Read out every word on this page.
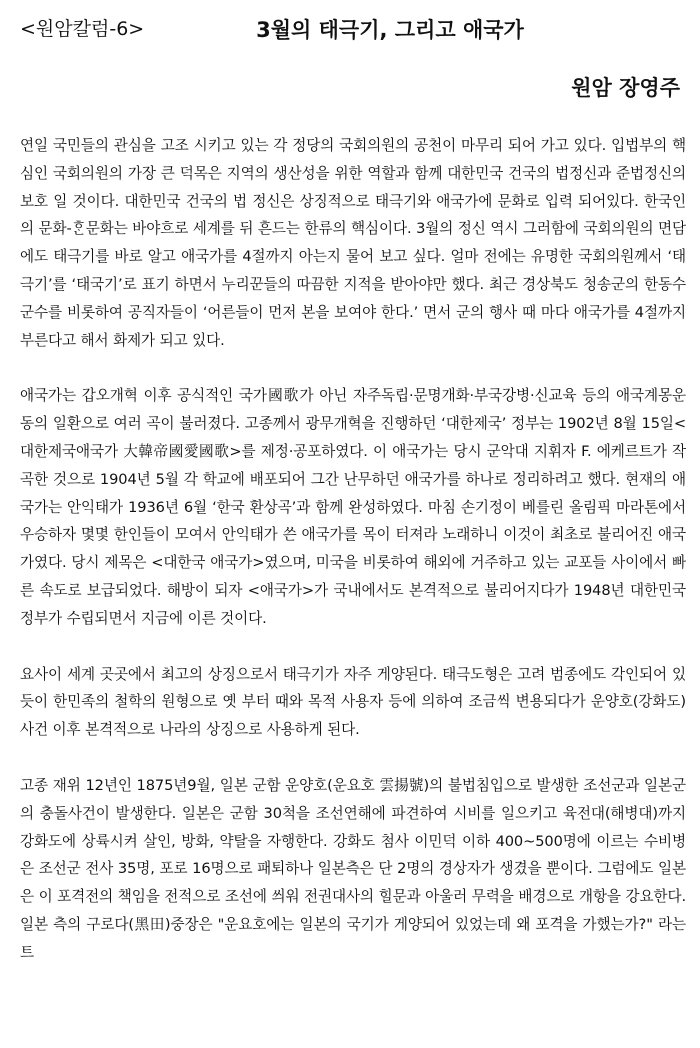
<원암칼럼-6>	3월의 태극기, 그리고 애국가
원암 장영주

연일 국민들의 관심을 고조 시키고 있는 각 정당의 국회의원의 공천이 마무리 되어 가고 있다. 입법부의 핵심인 국회의원의 가장 큰 덕목은 지역의 생산성을 위한 역할과 함께 대한민국 건국의 법정신과 준법정신의 보호 일 것이다. 대한민국 건국의 법 정신은 상징적으로 태극기와 애국가에 문화로 입력 되어있다. 한국인의 문화-ᄒᆞᆫ문화는 바야흐로 세계를 뒤 흔드는 한류의 핵심이다. 3월의 정신 역시 그러함에 국회의원의 면담에도 태극기를 바로 알고 애국가를 4절까지 아는지 물어 보고 싶다. 얼마 전에는 유명한 국회의원께서 ‘태극기’를 ‘태국기’로 표기 하면서 누리꾼들의 따끔한 지적을 받아야만 했다. 최근 경상북도 청송군의 한동수 군수를 비롯하여 공직자들이 ‘어른들이 먼저 본을 보여야 한다.’ 면서 군의 행사 때 마다 애국가를 4절까지 부른다고 해서 화제가 되고 있다.

애국가는 갑오개혁 이후 공식적인 국가國歌가 아닌 자주독립·문명개화·부국강병·신교육 등의 애국계몽운동의 일환으로 여러 곡이 불러졌다. 고종께서 광무개혁을 진행하던 ‘대한제국’ 정부는 1902년 8월 15일<대한제국애국가 大韓帝國愛國歌>를 제정·공포하였다. 이 애국가는 당시 군악대 지휘자 F. 에케르트가 작곡한 것으로 1904년 5월 각 학교에 배포되어 그간 난무하던 애국가를 하나로 정리하려고 했다. 현재의 애국가는 안익태가 1936년 6월 ‘한국 환상곡’과 함께 완성하였다. 마침 손기정이 베를린 올림픽 마라톤에서 우승하자 몇몇 한인들이 모여서 안익태가 쓴 애국가를 목이 터져라 노래하니 이것이 최초로 불리어진 애국가였다. 당시 제목은 <대한국 애국가>였으며, 미국을 비롯하여 해외에 거주하고 있는 교포들 사이에서 빠른 속도로 보급되었다. 해방이 되자 <애국가>가 국내에서도 본격적으로 불리어지다가 1948년 대한민국정부가 수립되면서 지금에 이른 것이다.

요사이 세계 곳곳에서 최고의 상징으로서 태극기가 자주 게양된다. 태극도형은 고려 범종에도 각인되어 있듯이 한민족의 철학의 원형으로 옛 부터 때와 목적 사용자 등에 의하여 조금씩 변용되다가 운양호(강화도)사건 이후 본격적으로 나라의 상징으로 사용하게 된다.

고종 재위 12년인 1875년9월, 일본 군함 운양호(운요호 雲揚號)의 불법침입으로 발생한 조선군과 일본군의 충돌사건이 발생한다. 일본은 군함 30척을 조선연해에 파견하여 시비를 일으키고 육전대(해병대)까지 강화도에 상륙시켜 살인, 방화, 약탈을 자행한다. 강화도 첨사 이민덕 이하 400~500명에 이르는 수비병은 조선군 전사 35명, 포로 16명으로 패퇴하나 일본측은 단 2명의 경상자가 생겼을 뿐이다. 그럼에도 일본은 이 포격전의 책임을 전적으로 조선에 씌워 전권대사의 힐문과 아울러 무력을 배경으로 개항을 강요한다. 일본 측의 구로다(黑田)중장은 "운요호에는 일본의 국기가 게양되어 있었는데 왜 포격을 가했는가?" 라는 트
